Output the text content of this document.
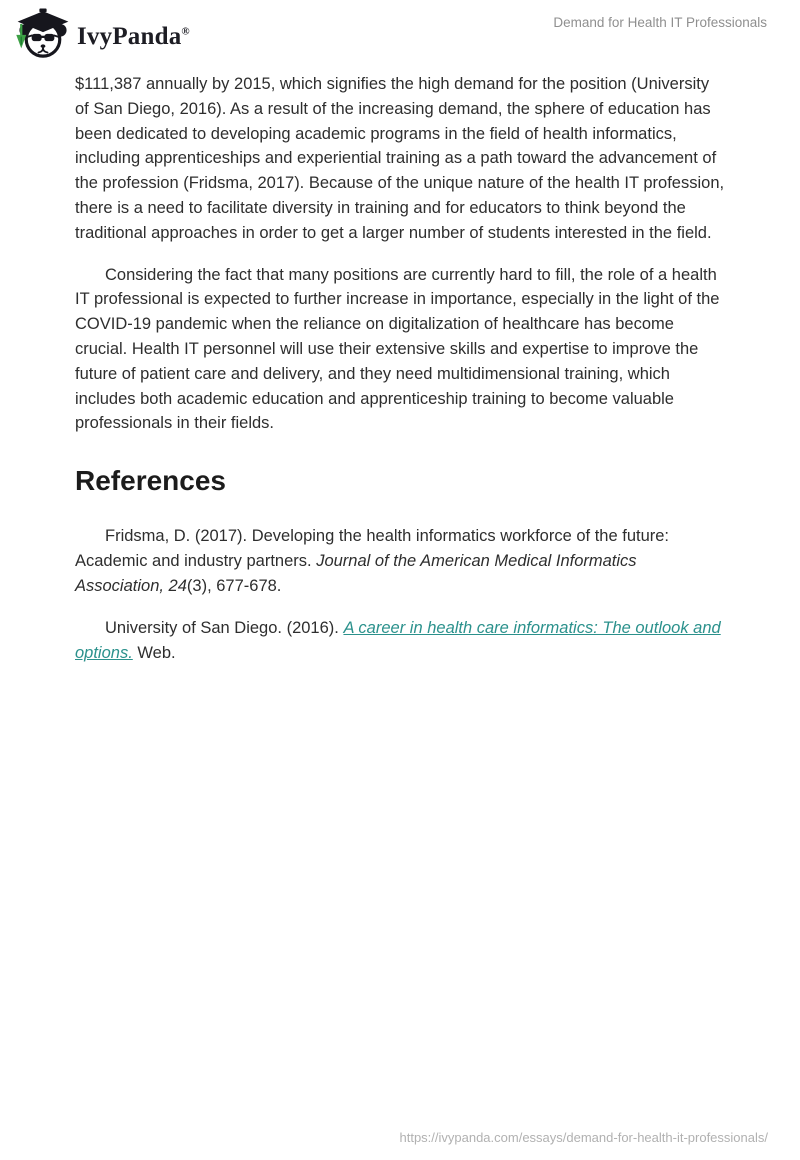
IvyPanda®
Demand for Health IT Professionals

$111,387 annually by 2015, which signifies the high demand for the position (University of San Diego, 2016). As a result of the increasing demand, the sphere of education has been dedicated to developing academic programs in the field of health informatics, including apprenticeships and experiential training as a path toward the advancement of the profession (Fridsma, 2017). Because of the unique nature of the health IT profession, there is a need to facilitate diversity in training and for educators to think beyond the traditional approaches in order to get a larger number of students interested in the field.

Considering the fact that many positions are currently hard to fill, the role of a health IT professional is expected to further increase in importance, especially in the light of the COVID-19 pandemic when the reliance on digitalization of healthcare has become crucial. Health IT personnel will use their extensive skills and expertise to improve the future of patient care and delivery, and they need multidimensional training, which includes both academic education and apprenticeship training to become valuable professionals in their fields.

References

Fridsma, D. (2017). Developing the health informatics workforce of the future: Academic and industry partners. Journal of the American Medical Informatics Association, 24(3), 677-678.

University of San Diego. (2016). A career in health care informatics: The outlook and options. Web.

https://ivypanda.com/essays/demand-for-health-it-professionals/
